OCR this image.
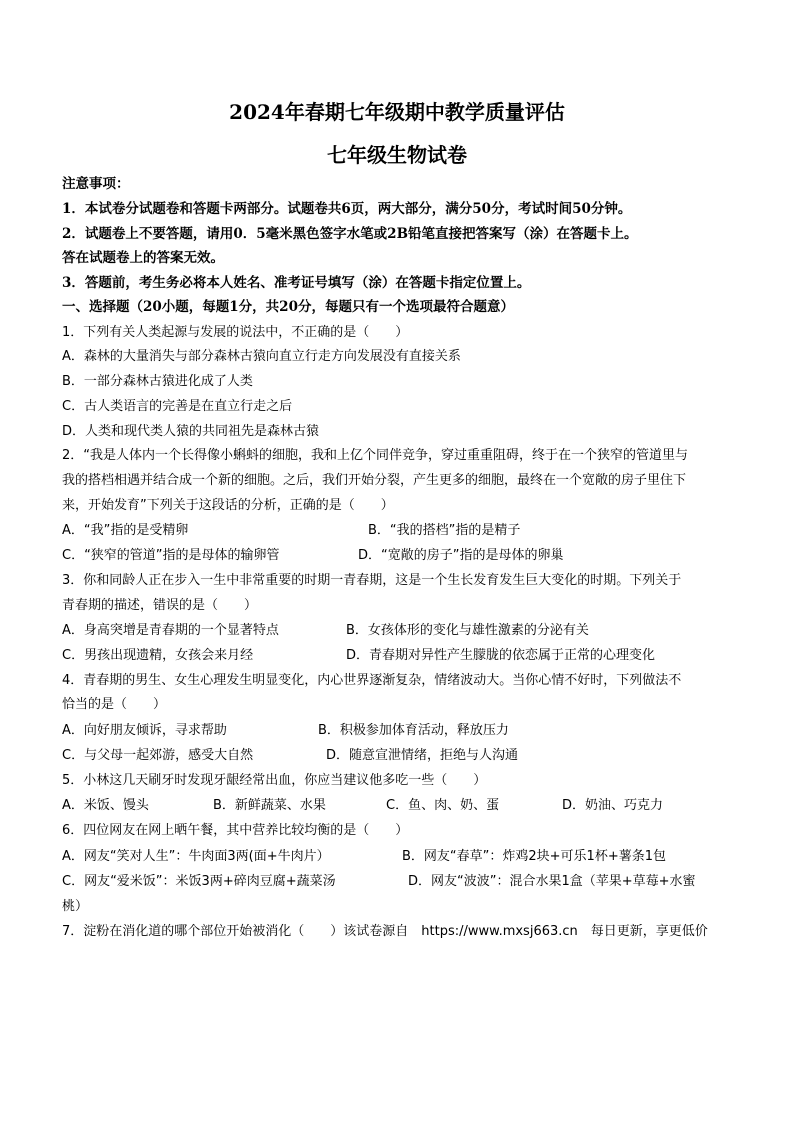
2024年春期七年级期中教学质量评估
七年级生物试卷
注意事项：
1．本试卷分试题卷和答题卡两部分。试题卷共6页，两大部分，满分50分，考试时间50分钟。
2．试题卷上不要答题，请用0．5毫米黑色签字水笔或2B铅笔直接把答案写（涂）在答题卡上。
答在试题卷上的答案无效。
3．答题前，考生务必将本人姓名、准考证号填写（涂）在答题卡指定位置上。
一、选择题（20小题，每题1分，共20分，每题只有一个选项最符合题意）
1．下列有关人类起源与发展的说法中，不正确的是（　　）
A．森林的大量消失与部分森林古猿向直立行走方向发展没有直接关系
B．一部分森林古猿进化成了人类
C．古人类语言的完善是在直立行走之后
D．人类和现代类人猿的共同祖先是森林古猿
2．“我是人体内一个长得像小蝌蚪的细胞，我和上亿个同伴竞争，穿过重重阻碍，终于在一个狭窄的管道里与
我的搭档相遇并结合成一个新的细胞。之后，我们开始分裂，产生更多的细胞，最终在一个宽敞的房子里住下
来，开始发育”下列关于这段话的分析，正确的是（　　）
A．“我”指的是受精卵	B．“我的搭档”指的是精子
C．“狭窄的管道”指的是母体的输卵管	D．“宽敞的房子”指的是母体的卵巢
3．你和同龄人正在步入一生中非常重要的时期一青春期，这是一个生长发育发生巨大变化的时期。下列关于
青春期的描述，错误的是（　　）
A．身高突增是青春期的一个显著特点	B．女孩体形的变化与雄性激素的分泌有关
C．男孩出现遗精，女孩会来月经	D．青春期对异性产生朦胧的依恋属于正常的心理变化
4．青春期的男生、女生心理发生明显变化，内心世界逐渐复杂，情绪波动大。当你心情不好时，下列做法不
恰当的是（　　）
A．向好朋友倾诉，寻求帮助	B．积极参加体育活动，释放压力
C．与父母一起郊游，感受大自然	D．随意宣泄情绪，拒绝与人沟通
5．小林这几天刷牙时发现牙龈经常出血，你应当建议他多吃一些（　　）
A．米饭、馒头	B．新鲜蔬菜、水果	C．鱼、肉、奶、蛋	D．奶油、巧克力
6．四位网友在网上晒午餐，其中营养比较均衡的是（　　）
A．网友“笑对人生”：牛肉面3两(面+牛肉片）	B．网友“春草”：炸鸡2块+可乐1杯+薯条1包
C．网友“爱米饭”：米饭3两+碎肉豆腐+蔬菜汤	D．网友“波波”：混合水果1盒（苹果+草莓+水蜜
桃）
7．淀粉在消化道的哪个部位开始被消化（　　）该试卷源自　https://www.mxsj663.cn　每日更新，享更低价
